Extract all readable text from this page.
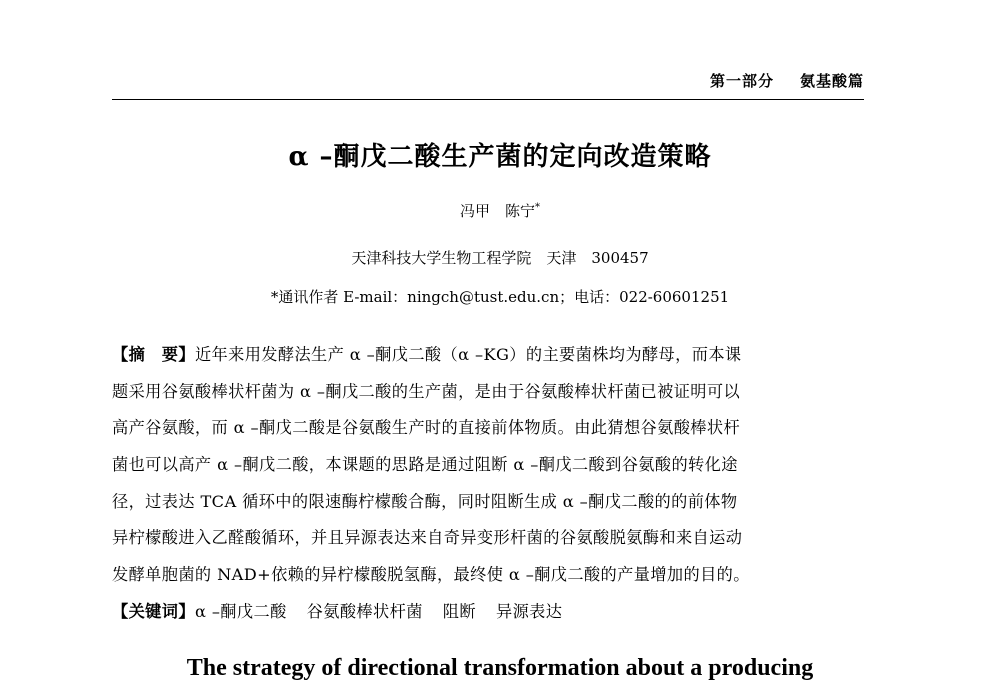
第一部分 氨基酸篇
α –酮戊二酸生产菌的定向改造策略
冯甲　陈宁*
天津科技大学生物工程学院　天津　300457
*通讯作者 E-mail：ningch@tust.edu.cn；电话：022-60601251
【摘　要】近年来用发酵法生产 α –酮戊二酸（α –KG）的主要菌株均为酵母，而本课
题采用谷氨酸棒状杆菌为 α –酮戊二酸的生产菌，是由于谷氨酸棒状杆菌已被证明可以
高产谷氨酸，而 α –酮戊二酸是谷氨酸生产时的直接前体物质。由此猜想谷氨酸棒状杆
菌也可以高产 α –酮戊二酸，本课题的思路是通过阻断 α –酮戊二酸到谷氨酸的转化途
径，过表达 TCA 循环中的限速酶柠檬酸合酶，同时阻断生成 α –酮戊二酸的的前体物
异柠檬酸进入乙醛酸循环，并且异源表达来自奇异变形杆菌的谷氨酸脱氨酶和来自运动
发酵单胞菌的 NAD+依赖的异柠檬酸脱氢酶，最终使 α –酮戊二酸的产量增加的目的。
【关键词】α –酮戊二酸 谷氨酸棒状杆菌 阻断 异源表达
The strategy of directional transformation about a producing
